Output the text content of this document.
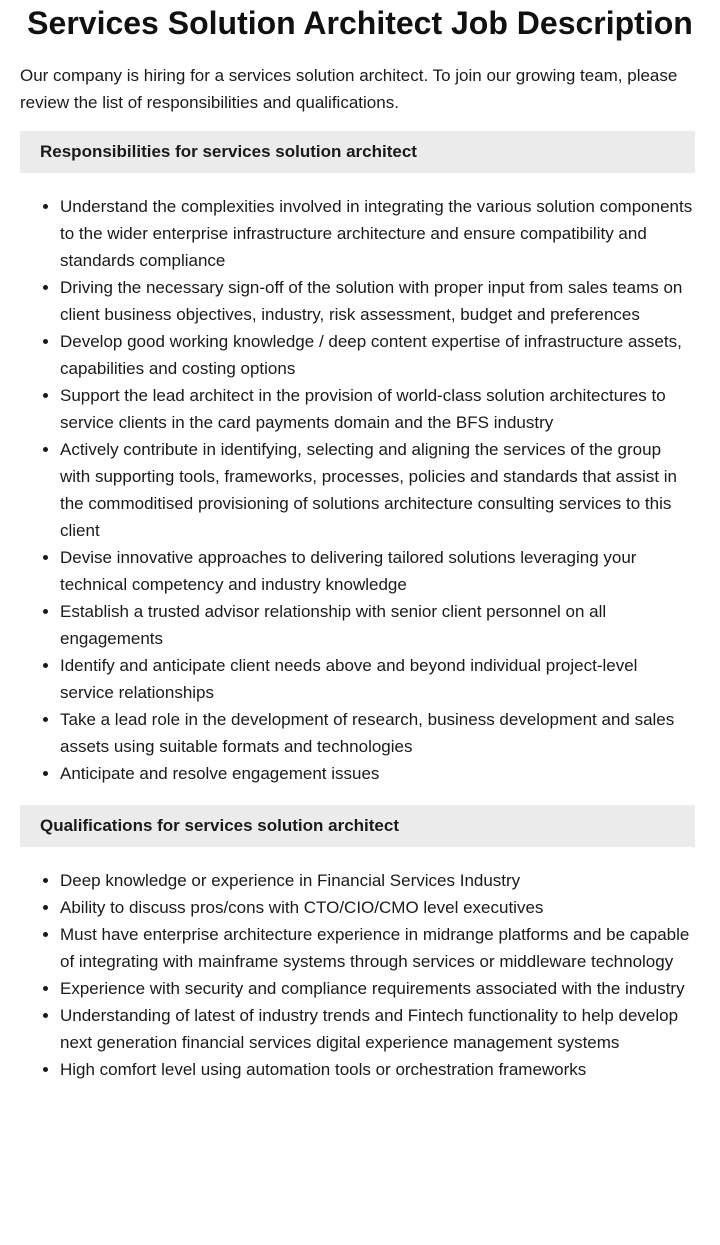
Services Solution Architect Job Description

Our company is hiring for a services solution architect. To join our growing team, please review the list of responsibilities and qualifications.

Responsibilities for services solution architect
• Understand the complexities involved in integrating the various solution components to the wider enterprise infrastructure architecture and ensure compatibility and standards compliance
• Driving the necessary sign-off of the solution with proper input from sales teams on client business objectives, industry, risk assessment, budget and preferences
• Develop good working knowledge / deep content expertise of infrastructure assets, capabilities and costing options
• Support the lead architect in the provision of world-class solution architectures to service clients in the card payments domain and the BFS industry
• Actively contribute in identifying, selecting and aligning the services of the group with supporting tools, frameworks, processes, policies and standards that assist in the commoditised provisioning of solutions architecture consulting services to this client
• Devise innovative approaches to delivering tailored solutions leveraging your technical competency and industry knowledge
• Establish a trusted advisor relationship with senior client personnel on all engagements
• Identify and anticipate client needs above and beyond individual project-level service relationships
• Take a lead role in the development of research, business development and sales assets using suitable formats and technologies
• Anticipate and resolve engagement issues
Qualifications for services solution architect
• Deep knowledge or experience in Financial Services Industry
• Ability to discuss pros/cons with CTO/CIO/CMO level executives
• Must have enterprise architecture experience in midrange platforms and be capable of integrating with mainframe systems through services or middleware technology
• Experience with security and compliance requirements associated with the industry
• Understanding of latest of industry trends and Fintech functionality to help develop next generation financial services digital experience management systems
• High comfort level using automation tools or orchestration frameworks
